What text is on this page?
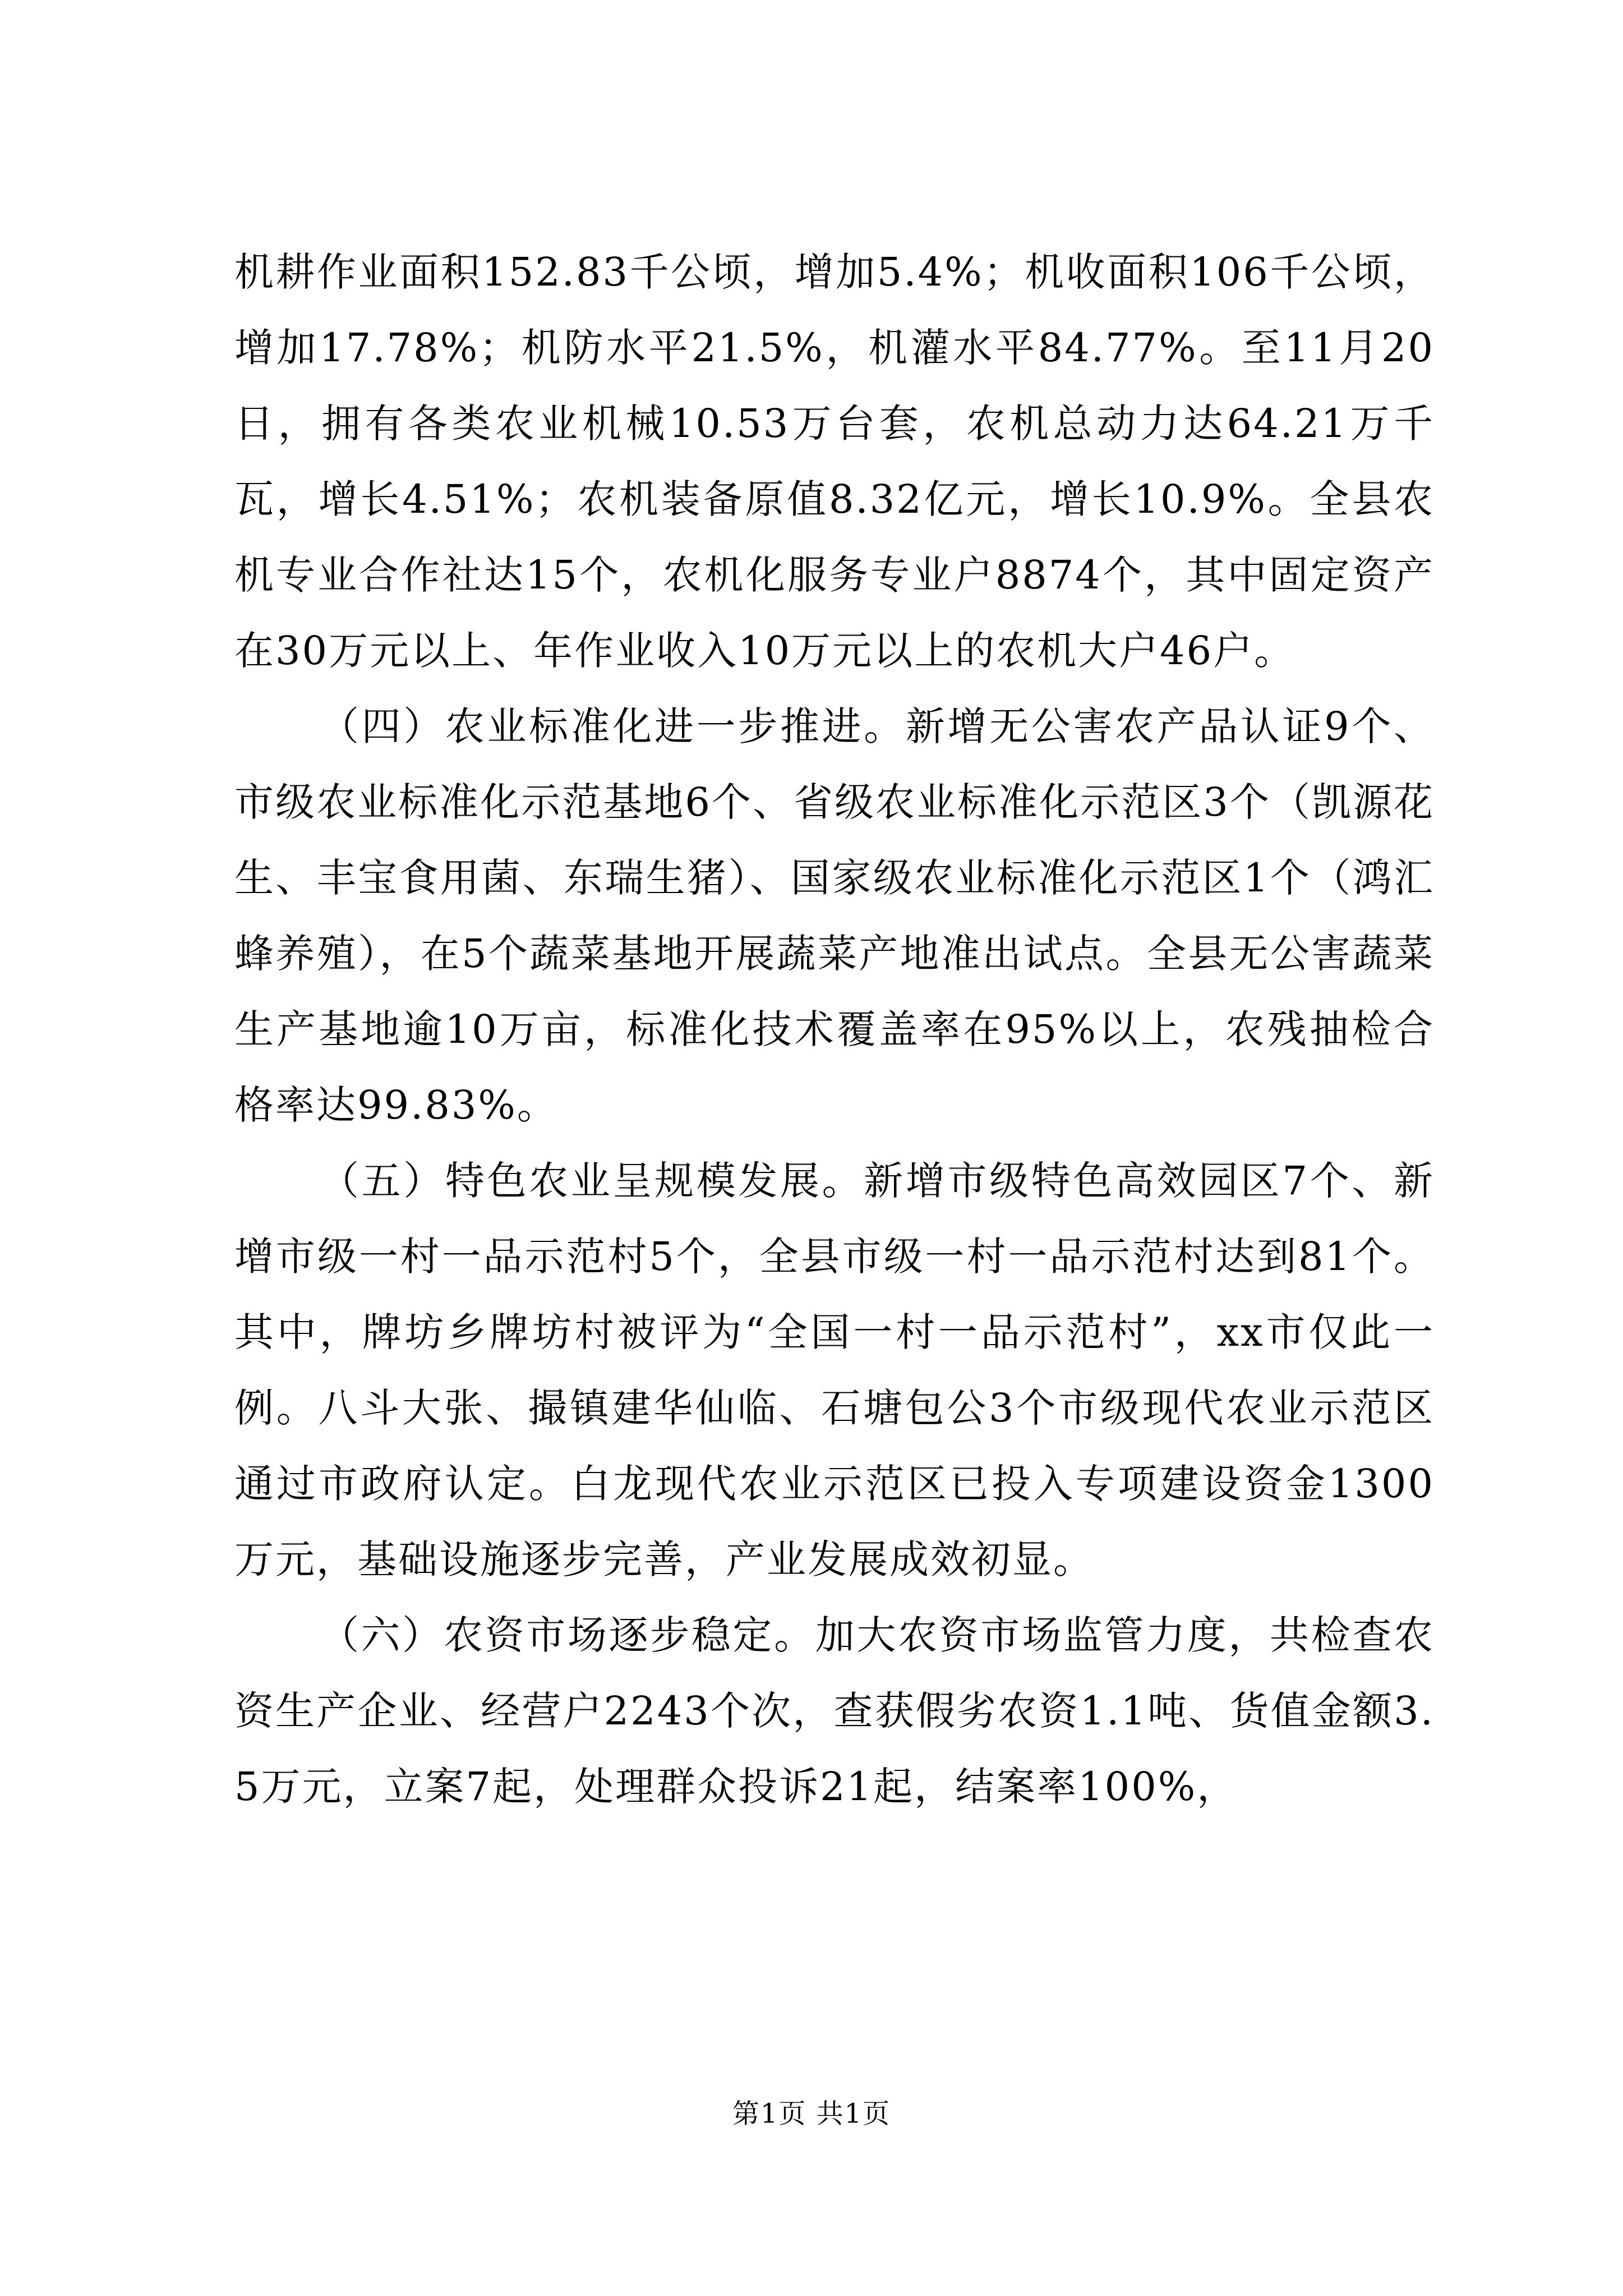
机耕作业面积152.83千公顷，增加5.4%；机收面积106千公顷，增加17.78%；机防水平21.5%，机灌水平84.77%。至11月20日，拥有各类农业机械10.53万台套，农机总动力达64.21万千瓦，增长4.51%；农机装备原值8.32亿元，增长10.9%。全县农机专业合作社达15个，农机化服务专业户8874个，其中固定资产在30万元以上、年作业收入10万元以上的农机大户46户。

（四）农业标准化进一步推进。新增无公害农产品认证9个、市级农业标准化示范基地6个、省级农业标准化示范区3个（凯源花生、丰宝食用菌、东瑞生猪）、国家级农业标准化示范区1个（鸿汇蜂养殖），在5个蔬菜基地开展蔬菜产地准出试点。全县无公害蔬菜生产基地逾10万亩，标准化技术覆盖率在95%以上，农残抽检合格率达99.83%。

（五）特色农业呈规模发展。新增市级特色高效园区7个、新增市级一村一品示范村5个，全县市级一村一品示范村达到81个。其中，牌坊乡牌坊村被评为“全国一村一品示范村”，xx市仅此一例。八斗大张、撮镇建华仙临、石塘包公3个市级现代农业示范区通过市政府认定。白龙现代农业示范区已投入专项建设资金1300万元，基础设施逐步完善，产业发展成效初显。

（六）农资市场逐步稳定。加大农资市场监管力度，共检查农资生产企业、经营户2243个次，查获假劣农资1.1吨、货值金额3.5万元，立案7起，处理群众投诉21起，结案率100%，

第1页 共1页
